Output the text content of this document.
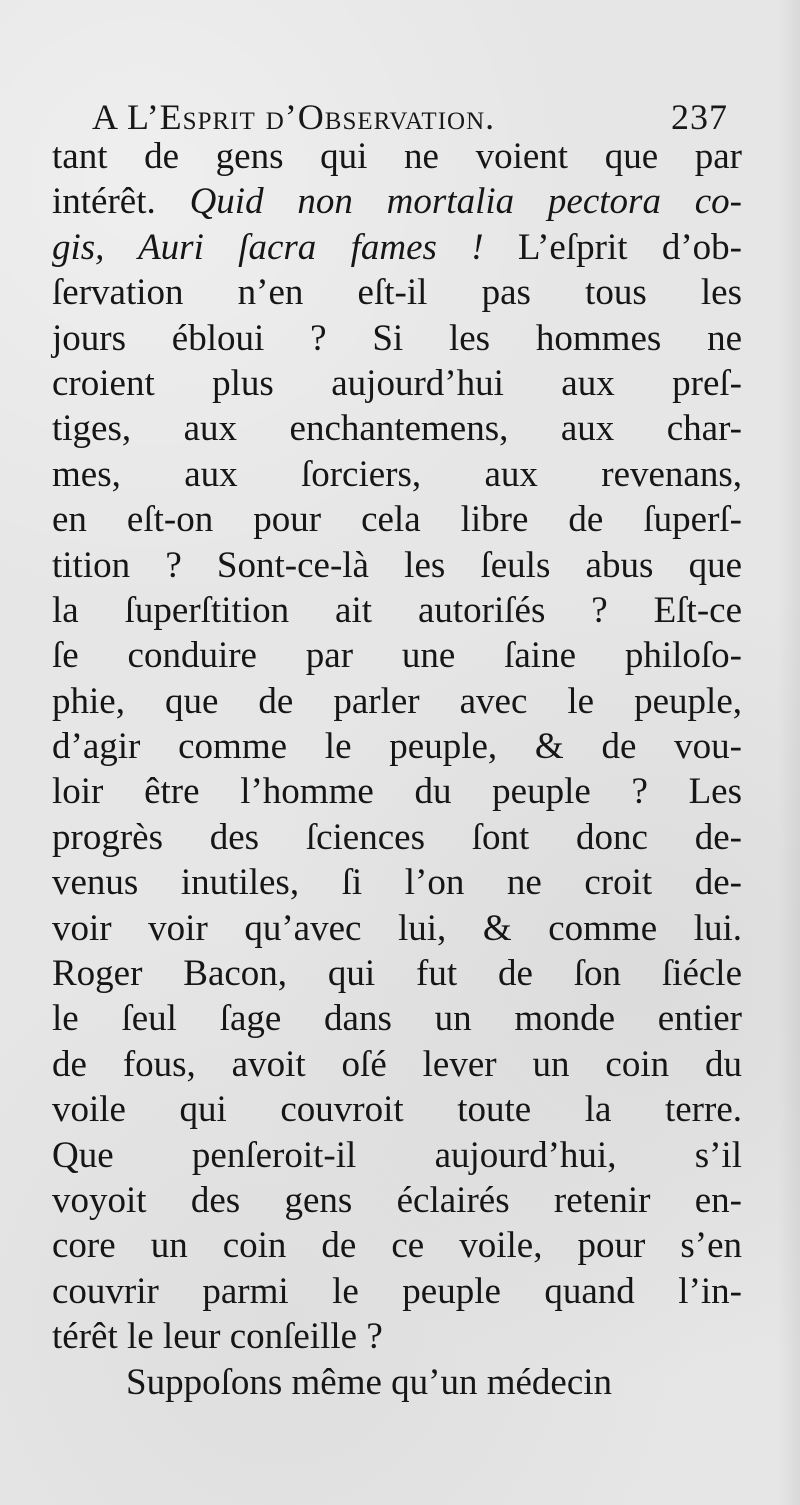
A L’Esprit d’Observation.	237
tant de gens qui ne voient que par
intérêt. Quid non mortalia pectora co-
gis, Auri ſacra fames ! L’eſprit d’ob-
ſervation n’en eſt-il pas tous les
jours ébloui ? Si les hommes ne
croient plus aujourd’hui aux preſ-
tiges, aux enchantemens, aux char-
mes, aux ſorciers, aux revenans,
en eſt-on pour cela libre de ſuperſ-
tition ? Sont-ce-là les ſeuls abus que
la ſuperſtition ait autoriſés ? Eſt-ce
ſe conduire par une ſaine philoſo-
phie, que de parler avec le peuple,
d’agir comme le peuple, & de vou-
loir être l’homme du peuple ? Les
progrès des ſciences ſont donc de-
venus inutiles, ſi l’on ne croit de-
voir voir qu’avec lui, & comme lui.
Roger Bacon, qui fut de ſon ſiécle
le ſeul ſage dans un monde entier
de fous, avoit oſé lever un coin du
voile qui couvroit toute la terre.
Que penſeroit-il aujourd’hui, s’il
voyoit des gens éclairés retenir en-
core un coin de ce voile, pour s’en
couvrir parmi le peuple quand l’in-
térêt le leur conſeille ?
Suppoſons même qu’un médecin
